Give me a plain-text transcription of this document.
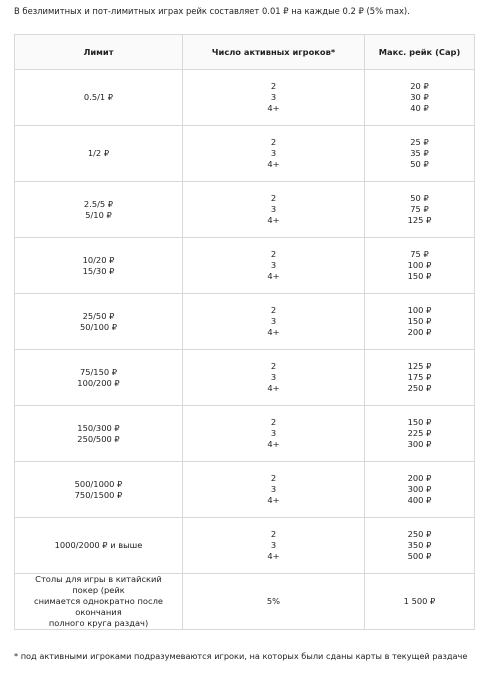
В безлимитных и пот-лимитных играх рейк составляет 0.01 ₽ на каждые 0.2 ₽ (5% max).
Лимит	Число активных игроков*	Макс. рейк (Cap)

0.5/1 ₽	2
3
4+	20 ₽
30 ₽
40 ₽

1/2 ₽	2
3
4+	25 ₽
35 ₽
50 ₽

2.5/5 ₽
5/10 ₽	2
3
4+	50 ₽
75 ₽
125 ₽

10/20 ₽
15/30 ₽	2
3
4+	75 ₽
100 ₽
150 ₽

25/50 ₽
50/100 ₽	2
3
4+	100 ₽
150 ₽
200 ₽

75/150 ₽
100/200 ₽	2
3
4+	125 ₽
175 ₽
250 ₽

150/300 ₽
250/500 ₽	2
3
4+	150 ₽
225 ₽
300 ₽

500/1000 ₽
750/1500 ₽	2
3
4+	200 ₽
300 ₽
400 ₽

1000/2000 ₽ и выше	2
3
4+	250 ₽
350 ₽
500 ₽

Столы для игры в китайский покер (рейк
снимается однократно после окончания
полного круга раздач)	5%	1 500 ₽
* под активными игроками подразумеваются игроки, на которых были сданы карты в текущей раздаче
